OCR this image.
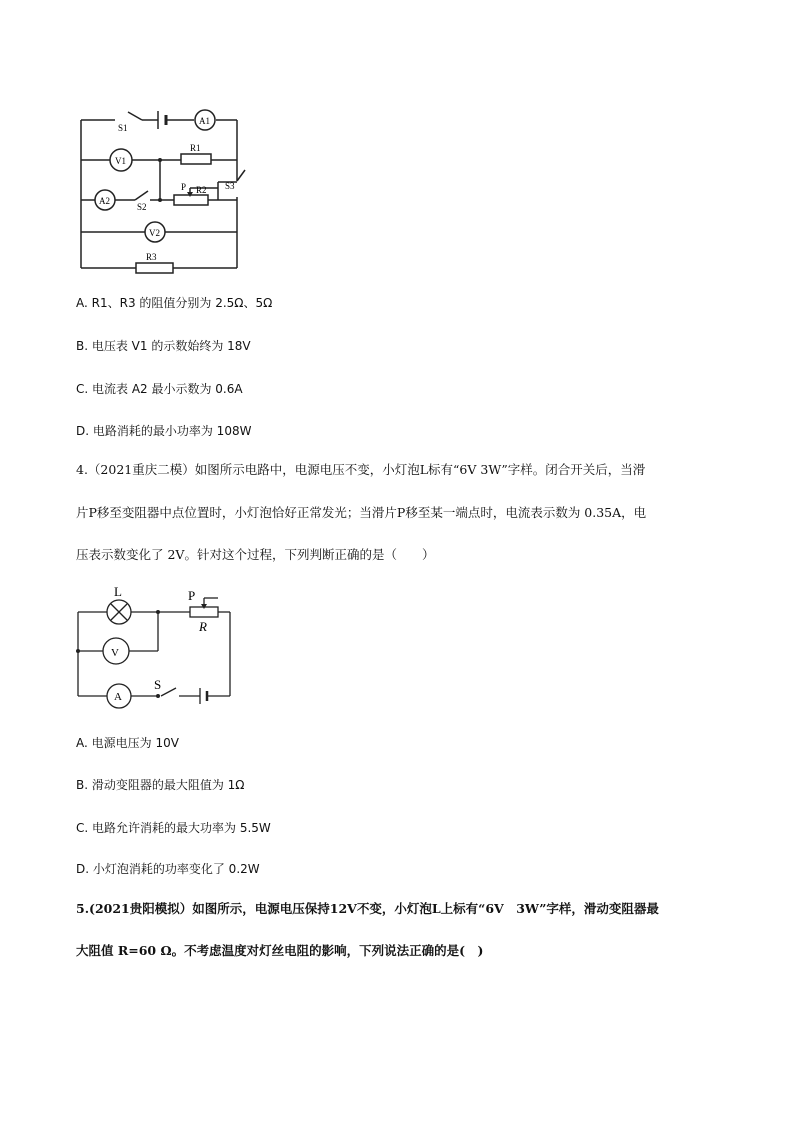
S1
A1
V1
R1
A2
S2
P R2 S3
V2
R3
A. R1、R3 的阻值分别为 2.5Ω、5Ω
B. 电压表 V1 的示数始终为 18V
C. 电流表 A2 最小示数为 0.6A
D. 电路消耗的最小功率为 108W
4.（2021重庆二模）如图所示电路中，电源电压不变，小灯泡L标有“6V 3W”字样。闭合开关后，当滑
片P移至变阻器中点位置时，小灯泡恰好正常发光；当滑片P移至某一端点时，电流表示数为 0.35A，电
压表示数变化了 2V。针对这个过程，下列判断正确的是（　　）
L	P
R
V
A
S
A. 电源电压为 10V
B. 滑动变阻器的最大阻值为 1Ω
C. 电路允许消耗的最大功率为 5.5W
D. 小灯泡消耗的功率变化了 0.2W
5.(2021贵阳模拟）如图所示，电源电压保持12V不变，小灯泡L上标有“6V　3W”字样，滑动变阻器最
大阻值 R=60 Ω。不考虑温度对灯丝电阻的影响，下列说法正确的是(　)
